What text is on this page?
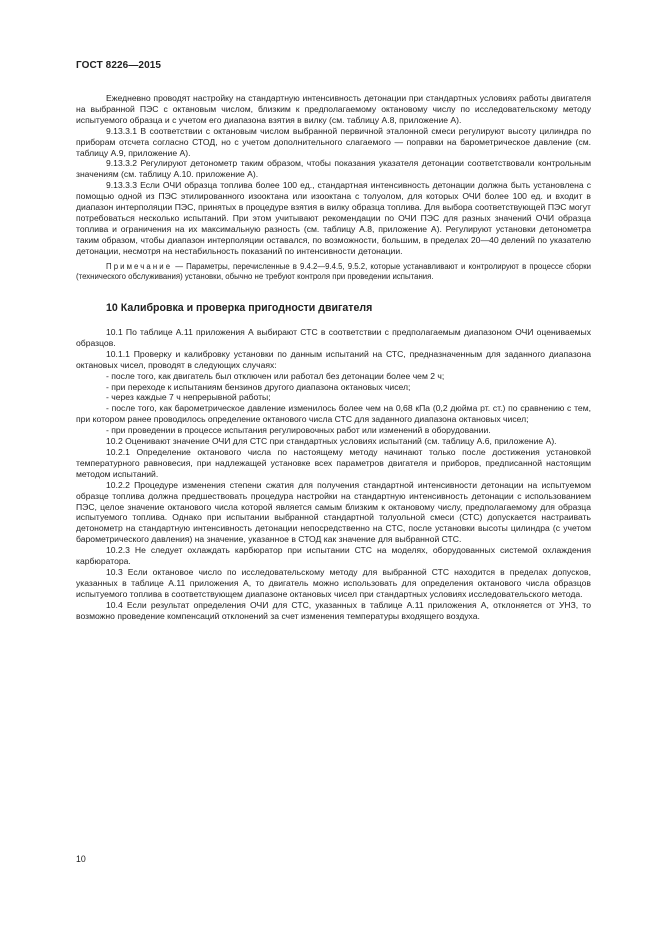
ГОСТ 8226—2015

Ежедневно проводят настройку на стандартную интенсивность детонации при стандартных условиях работы двигателя на выбранной ПЭС с октановым числом, близким к предполагаемому октановому числу по исследовательскому методу испытуемого образца и с учетом его диапазона взятия в вилку (см. таблицу А.8, приложение А).

9.13.3.1 В соответствии с октановым числом выбранной первичной эталонной смеси регулируют высоту цилиндра по приборам отсчета согласно СТОД, но с учетом дополнительного слагаемого — поправки на барометрическое давление (см. таблицу А.9, приложение А).

9.13.3.2 Регулируют детонометр таким образом, чтобы показания указателя детонации соответствовали контрольным значениям (см. таблицу А.10. приложение А).

9.13.3.3 Если ОЧИ образца топлива более 100 ед., стандартная интенсивность детонации должна быть установлена с помощью одной из ПЭС этилированного изооктана или изооктана с толуолом, для которых ОЧИ более 100 ед. и входит в диапазон интерполяции ПЭС, принятых в процедуре взятия в вилку образца топлива. Для выбора соответствующей ПЭС могут потребоваться несколько испытаний. При этом учитывают рекомендации по ОЧИ ПЭС для разных значений ОЧИ образца топлива и ограничения на их максимальную разность (см. таблицу А.8, приложение А). Регулируют установки детонометра таким образом, чтобы диапазон интерполяции оставался, по возможности, большим, в пределах 20—40 делений по указателю детонации, несмотря на нестабильность показаний по интенсивности детонации.

Примечание — Параметры, перечисленные в 9.4.2—9.4.5, 9.5.2, которые устанавливают и контролируют в процессе сборки (технического обслуживания) установки, обычно не требуют контроля при проведении испытания.

10 Калибровка и проверка пригодности двигателя

10.1 По таблице А.11 приложения А выбирают СТС в соответствии с предполагаемым диапазоном ОЧИ оцениваемых образцов.

10.1.1 Проверку и калибровку установки по данным испытаний на СТС, предназначенным для заданного диапазона октановых чисел, проводят в следующих случаях:

- после того, как двигатель был отключен или работал без детонации более чем 2 ч;

- при переходе к испытаниям бензинов другого диапазона октановых чисел;

- через каждые 7 ч непрерывной работы;

- после того, как барометрическое давление изменилось более чем на 0,68 кПа (0,2 дюйма рт. ст.) по сравнению с тем, при котором ранее проводилось определение октанового числа СТС для заданного диапазона октановых чисел;

- при проведении в процессе испытания регулировочных работ или изменений в оборудовании.

10.2 Оценивают значение ОЧИ для СТС при стандартных условиях испытаний (см. таблицу А.6, приложение А).

10.2.1 Определение октанового числа по настоящему методу начинают только после достижения установкой температурного равновесия, при надлежащей установке всех параметров двигателя и приборов, предписанной настоящим методом испытаний.

10.2.2 Процедуре изменения степени сжатия для получения стандартной интенсивности детонации на испытуемом образце топлива должна предшествовать процедура настройки на стандартную интенсивность детонации с использованием ПЭС, целое значение октанового числа которой является самым близким к октановому числу, предполагаемому для образца испытуемого топлива. Однако при испытании выбранной стандартной толуольной смеси (СТС) допускается настраивать детонометр на стандартную интенсивность детонации непосредственно на СТС, после установки высоты цилиндра (с учетом барометрического давления) на значение, указанное в СТОД как значение для выбранной СТС.

10.2.3 Не следует охлаждать карбюратор при испытании СТС на моделях, оборудованных системой охлаждения карбюратора.

10.3 Если октановое число по исследовательскому методу для выбранной СТС находится в пределах допусков, указанных в таблице А.11 приложения А, то двигатель можно использовать для определения октанового числа образцов испытуемого топлива в соответствующем диапазоне октановых чисел при стандартных условиях исследовательского метода.

10.4 Если результат определения ОЧИ для СТС, указанных в таблице А.11 приложения А, отклоняется от УНЗ, то возможно проведение компенсаций отклонений за счет изменения температуры входящего воздуха.

10
